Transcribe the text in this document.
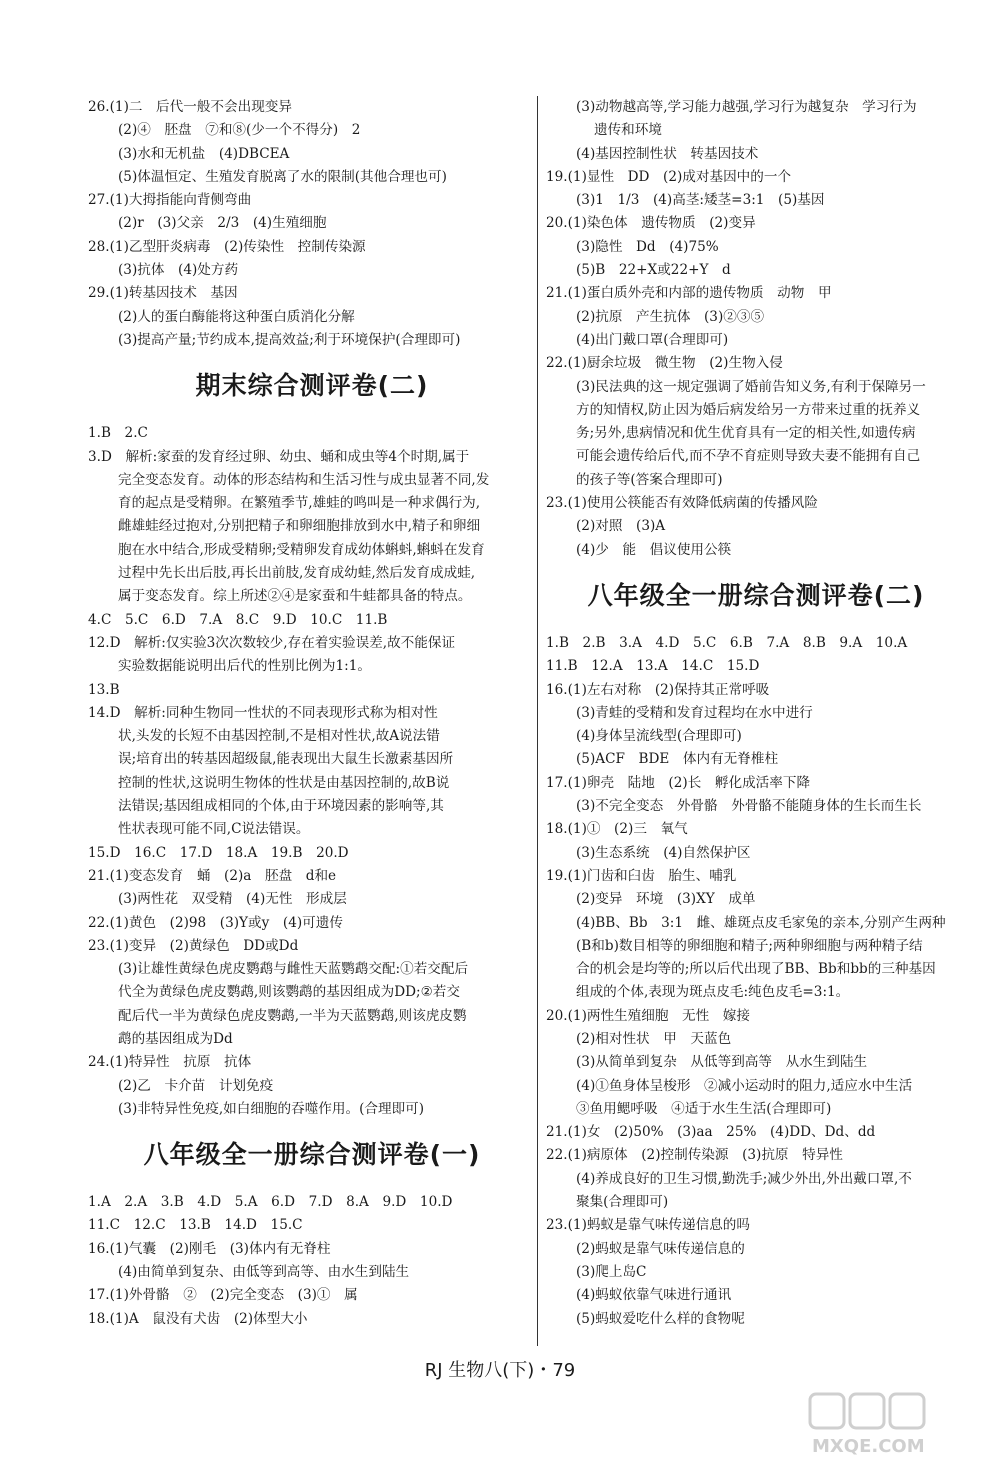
26.(1)二　后代一般不会出现变异
(2)④　胚盘　⑦和⑧(少一个不得分)　2
(3)水和无机盐　(4)DBCEA
(5)体温恒定、生殖发育脱离了水的限制(其他合理也可)
27.(1)大拇指能向背侧弯曲
(2)r　(3)父亲　2/3　(4)生殖细胞
28.(1)乙型肝炎病毒　(2)传染性　控制传染源
(3)抗体　(4)处方药
29.(1)转基因技术　基因
(2)人的蛋白酶能将这种蛋白质消化分解
(3)提高产量;节约成本,提高效益;利于环境保护(合理即可)
期末综合测评卷(二)
1.B　2.C
3.D　解析:家蚕的发育经过卵、幼虫、蛹和成虫等4个时期,属于
完全变态发育。动体的形态结构和生活习性与成虫显著不同,发
育的起点是受精卵。在繁殖季节,雄蛙的鸣叫是一种求偶行为,
雌雄蛙经过抱对,分别把精子和卵细胞排放到水中,精子和卵细
胞在水中结合,形成受精卵;受精卵发育成幼体蝌蚪,蝌蚪在发育
过程中先长出后肢,再长出前肢,发育成幼蛙,然后发育成成蛙,
属于变态发育。综上所述②④是家蚕和牛蛙都具备的特点。
4.C　5.C　6.D　7.A　8.C　9.D　10.C　11.B
12.D　解析:仅实验3次次数较少,存在着实验误差,故不能保证
实验数据能说明出后代的性别比例为1:1。
13.B
14.D　解析:同种生物同一性状的不同表现形式称为相对性
状,头发的长短不由基因控制,不是相对性状,故A说法错
误;培育出的转基因超级鼠,能表现出大鼠生长激素基因所
控制的性状,这说明生物体的性状是由基因控制的,故B说
法错误;基因组成相同的个体,由于环境因素的影响等,其
性状表现可能不同,C说法错误。
15.D　16.C　17.D　18.A　19.B　20.D
21.(1)变态发育　蛹　(2)a　胚盘　d和e
(3)两性花　双受精　(4)无性　形成层
22.(1)黄色　(2)98　(3)Y或y　(4)可遗传
23.(1)变异　(2)黄绿色　DD或Dd
(3)让雄性黄绿色虎皮鹦鹉与雌性天蓝鹦鹉交配:①若交配后
代全为黄绿色虎皮鹦鹉,则该鹦鹉的基因组成为DD;②若交
配后代一半为黄绿色虎皮鹦鹉,一半为天蓝鹦鹉,则该虎皮鹦
鹉的基因组成为Dd
24.(1)特异性　抗原　抗体
(2)乙　卡介苗　计划免疫
(3)非特异性免疫,如白细胞的吞噬作用。(合理即可)
八年级全一册综合测评卷(一)
1.A　2.A　3.B　4.D　5.A　6.D　7.D　8.A　9.D　10.D
11.C　12.C　13.B　14.D　15.C
16.(1)气囊　(2)刚毛　(3)体内有无脊柱
(4)由简单到复杂、由低等到高等、由水生到陆生
17.(1)外骨骼　②　(2)完全变态　(3)①　属
18.(1)A　鼠没有犬齿　(2)体型大小
(3)动物越高等,学习能力越强,学习行为越复杂　学习行为
遗传和环境
(4)基因控制性状　转基因技术
19.(1)显性　DD　(2)成对基因中的一个
(3)1　1/3　(4)高茎:矮茎=3:1　(5)基因
20.(1)染色体　遗传物质　(2)变异
(3)隐性　Dd　(4)75%
(5)B　22+X或22+Y　d
21.(1)蛋白质外壳和内部的遗传物质　动物　甲
(2)抗原　产生抗体　(3)②③⑤
(4)出门戴口罩(合理即可)
22.(1)厨余垃圾　微生物　(2)生物入侵
(3)民法典的这一规定强调了婚前告知义务,有利于保障另一
方的知情权,防止因为婚后病发给另一方带来过重的抚养义
务;另外,患病情况和优生优育具有一定的相关性,如遗传病
可能会遗传给后代,而不孕不育症则导致夫妻不能拥有自己
的孩子等(答案合理即可)
23.(1)使用公筷能否有效降低病菌的传播风险
(2)对照　(3)A
(4)少　能　倡议使用公筷
八年级全一册综合测评卷(二)
1.B　2.B　3.A　4.D　5.C　6.B　7.A　8.B　9.A　10.A
11.B　12.A　13.A　14.C　15.D
16.(1)左右对称　(2)保持其正常呼吸
(3)青蛙的受精和发育过程均在水中进行
(4)身体呈流线型(合理即可)
(5)ACF　BDE　体内有无脊椎柱
17.(1)卵壳　陆地　(2)长　孵化成活率下降
(3)不完全变态　外骨骼　外骨骼不能随身体的生长而生长
18.(1)①　(2)三　氧气
(3)生态系统　(4)自然保护区
19.(1)门齿和臼齿　胎生、哺乳
(2)变异　环境　(3)XY　成单
(4)BB、Bb　3:1　雌、雄斑点皮毛家兔的亲本,分别产生两种
(B和b)数目相等的卵细胞和精子;两种卵细胞与两种精子结
合的机会是均等的;所以后代出现了BB、Bb和bb的三种基因
组成的个体,表现为斑点皮毛:纯色皮毛=3:1。
20.(1)两性生殖细胞　无性　嫁接
(2)相对性状　甲　天蓝色
(3)从简单到复杂　从低等到高等　从水生到陆生
(4)①鱼身体呈梭形　②减小运动时的阻力,适应水中生活
③鱼用鳃呼吸　④适于水生生活(合理即可)
21.(1)女　(2)50%　(3)aa　25%　(4)DD、Dd、dd
22.(1)病原体　(2)控制传染源　(3)抗原　特异性
(4)养成良好的卫生习惯,勤洗手;减少外出,外出戴口罩,不
聚集(合理即可)
23.(1)蚂蚁是靠气味传递信息的吗
(2)蚂蚁是靠气味传递信息的
(3)爬上岛C
(4)蚂蚁依靠气味进行通讯
(5)蚂蚁爱吃什么样的食物呢
RJ 生物八(下)・79
MXQE.COM
